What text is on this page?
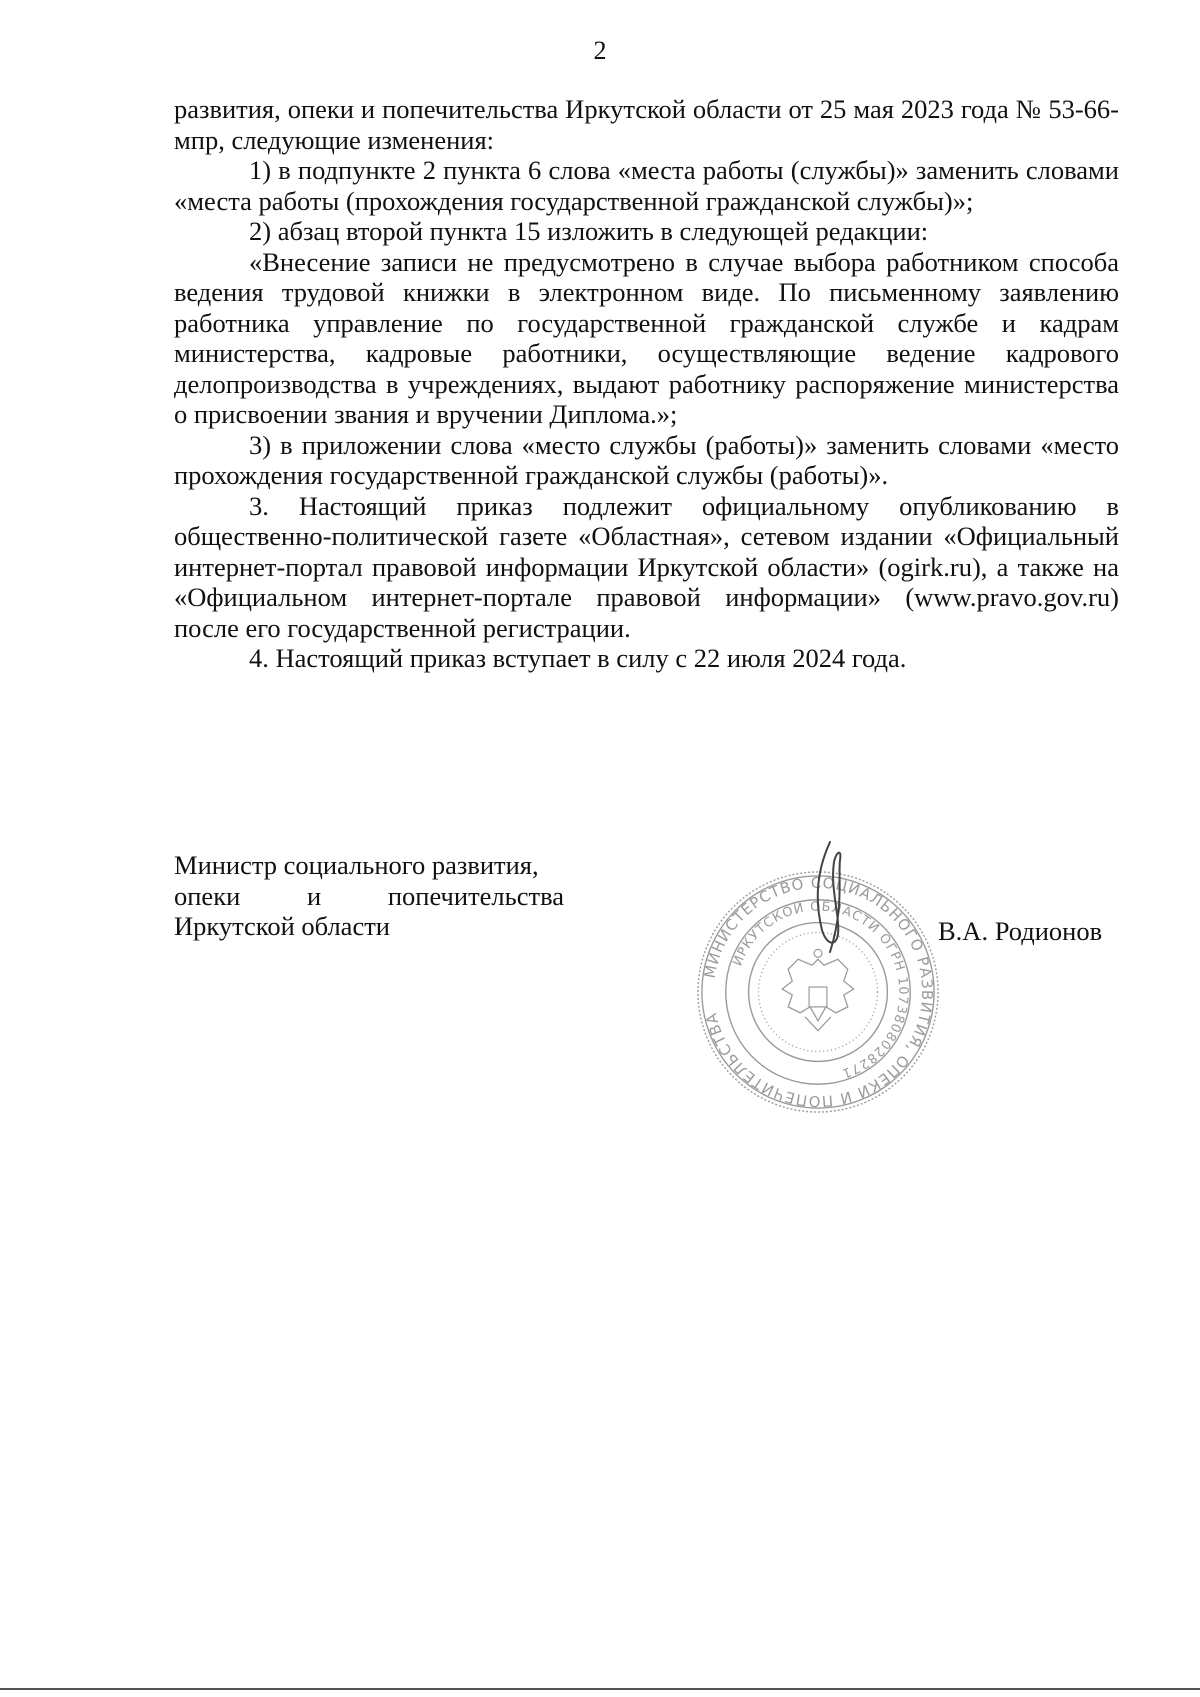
2

развития, опеки и попечительства Иркутской области от 25 мая 2023 года № 53-66-мпр, следующие изменения:

1) в подпункте 2 пункта 6 слова «места работы (службы)» заменить словами «места работы (прохождения государственной гражданской службы)»;

2) абзац второй пункта 15 изложить в следующей редакции:

«Внесение записи не предусмотрено в случае выбора работником способа ведения трудовой книжки в электронном виде. По письменному заявлению работника управление по государственной гражданской службе и кадрам министерства, кадровые работники, осуществляющие ведение кадрового делопроизводства в учреждениях, выдают работнику распоряжение министерства о присвоении звания и вручении Диплома.»;

3) в приложении слова «место службы (работы)» заменить словами «место прохождения государственной гражданской службы (работы)».

3. Настоящий приказ подлежит официальному опубликованию в общественно-политической газете «Областная», сетевом издании «Официальный интернет-портал правовой информации Иркутской области» (ogirk.ru), а также на «Официальном интернет-портале правовой информации» (www.pravo.gov.ru) после его государственной регистрации.

4. Настоящий приказ вступает в силу с 22 июля 2024 года.

Министр социального развития,
опеки	и	попечительства
Иркутской области
МИНИСТЕРСТВО СОЦИАЛЬНОГО РАЗВИТИЯ, ОПЕКИ И ПОПЕЧИТЕЛЬСТВА
ИРКУТСКОЙ ОБЛАСТИ ОГРН 1073808028271
В.А. Родионов
